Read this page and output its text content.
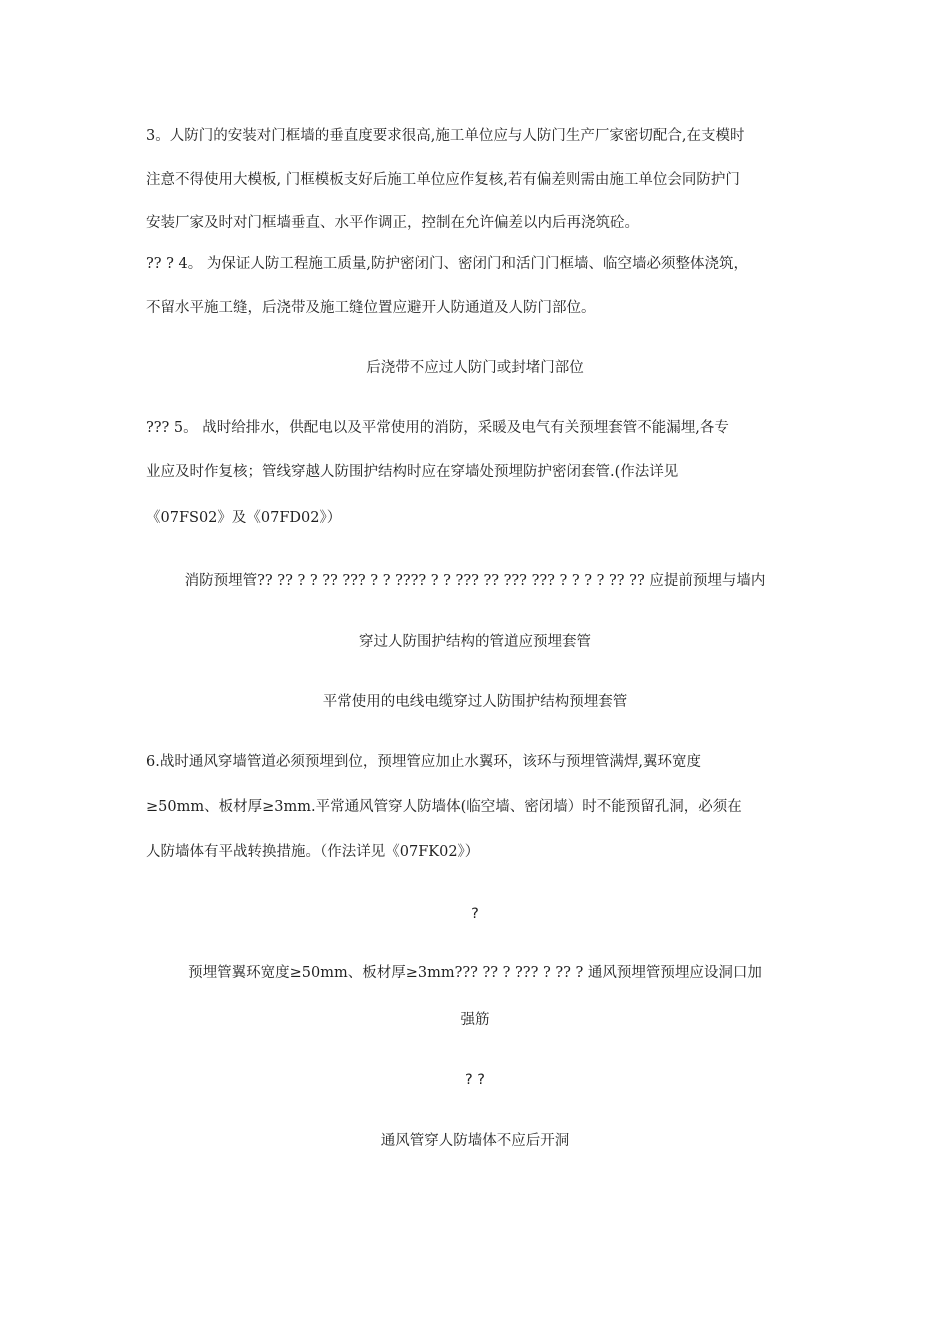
3。人防门的安装对门框墙的垂直度要求很高,施工单位应与人防门生产厂家密切配合,在支模时
注意不得使用大模板, 门框模板支好后施工单位应作复核,若有偏差则需由施工单位会同防护门
安装厂家及时对门框墙垂直、水平作调正，控制在允许偏差以内后再浇筑砼。
?? ? 4。 为保证人防工程施工质量,防护密闭门、密闭门和活门门框墙、临空墙必须整体浇筑，
不留水平施工缝，后浇带及施工缝位置应避开人防通道及人防门部位。
后浇带不应过人防门或封堵门部位
??? 5。 战时给排水，供配电以及平常使用的消防，采暖及电气有关预埋套管不能漏埋,各专
业应及时作复核；管线穿越人防围护结构时应在穿墙处预埋防护密闭套管.(作法详见
《07FS02》及《07FD02》）
消防预埋管?? ?? ? ? ?? ??? ? ? ???? ? ? ??? ?? ??? ??? ? ? ? ? ?? ?? 应提前预埋与墙内
穿过人防围护结构的管道应预埋套管
平常使用的电线电缆穿过人防围护结构预埋套管
6.战时通风穿墙管道必须预埋到位，预埋管应加止水翼环，该环与预埋管满焊,翼环宽度
≥50mm、板材厚≥3mm.平常通风管穿人防墙体(临空墙、密闭墙）时不能预留孔洞，必须在
人防墙体有平战转换措施。（作法详见《07FK02》）
?
预埋管翼环宽度≥50mm、板材厚≥3mm??? ?? ? ??? ? ?? ? 通风预埋管预埋应设洞口加
强筋
? ?
通风管穿人防墙体不应后开洞
